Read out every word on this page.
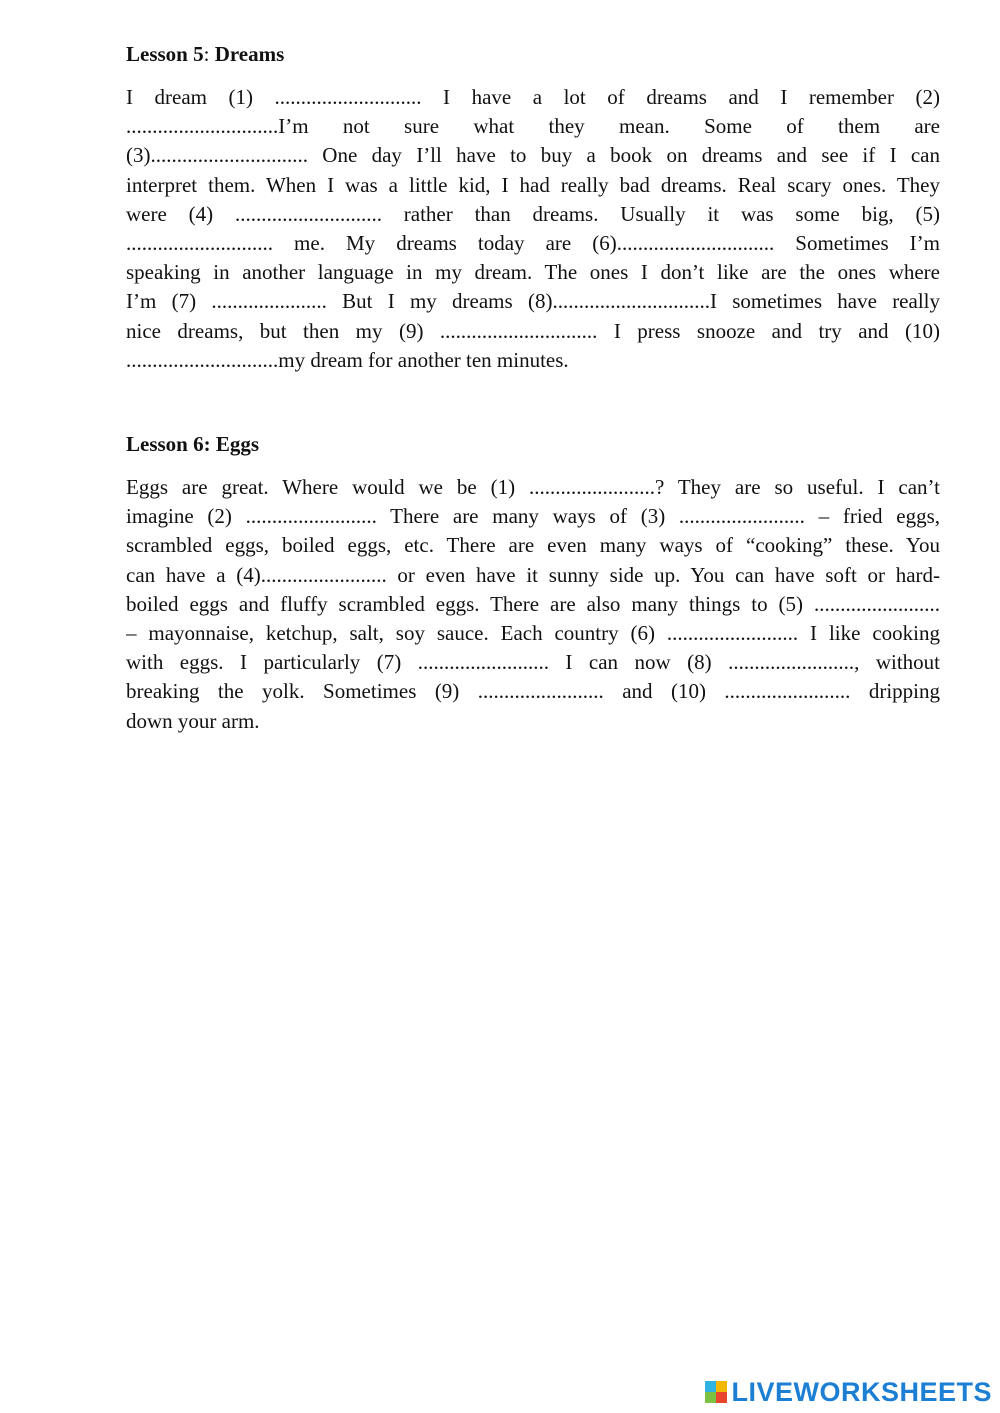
Lesson 5: Dreams
I dream (1) ............................ I have a lot of dreams and I remember (2)
.............................I’m not sure what they mean. Some of them are
(3).............................. One day I’ll have to buy a book on dreams and see if I can
interpret them. When I was a little kid, I had really bad dreams. Real scary ones. They
were (4) ............................ rather than dreams. Usually it was some big, (5)
............................ me. My dreams today are (6).............................. Sometimes I’m
speaking in another language in my dream. The ones I don’t like are the ones where
I’m (7) ...................... But I my dreams (8)..............................I sometimes have really
nice dreams, but then my (9) .............................. I press snooze and try and (10)
.............................my dream for another ten minutes.
Lesson 6: Eggs
Eggs are great. Where would we be (1) ........................? They are so useful. I can’t
imagine (2) ......................... There are many ways of (3) ........................ – fried eggs,
scrambled eggs, boiled eggs, etc. There are even many ways of “cooking” these. You
can have a (4)........................ or even have it sunny side up. You can have soft or hard-
boiled eggs and fluffy scrambled eggs. There are also many things to (5) ........................
– mayonnaise, ketchup, salt, soy sauce. Each country (6) ......................... I like cooking
with eggs. I particularly (7) ......................... I can now (8) ........................, without
breaking the yolk. Sometimes (9) ........................ and (10) ........................ dripping
down your arm.
LIVEWORKSHEETS
